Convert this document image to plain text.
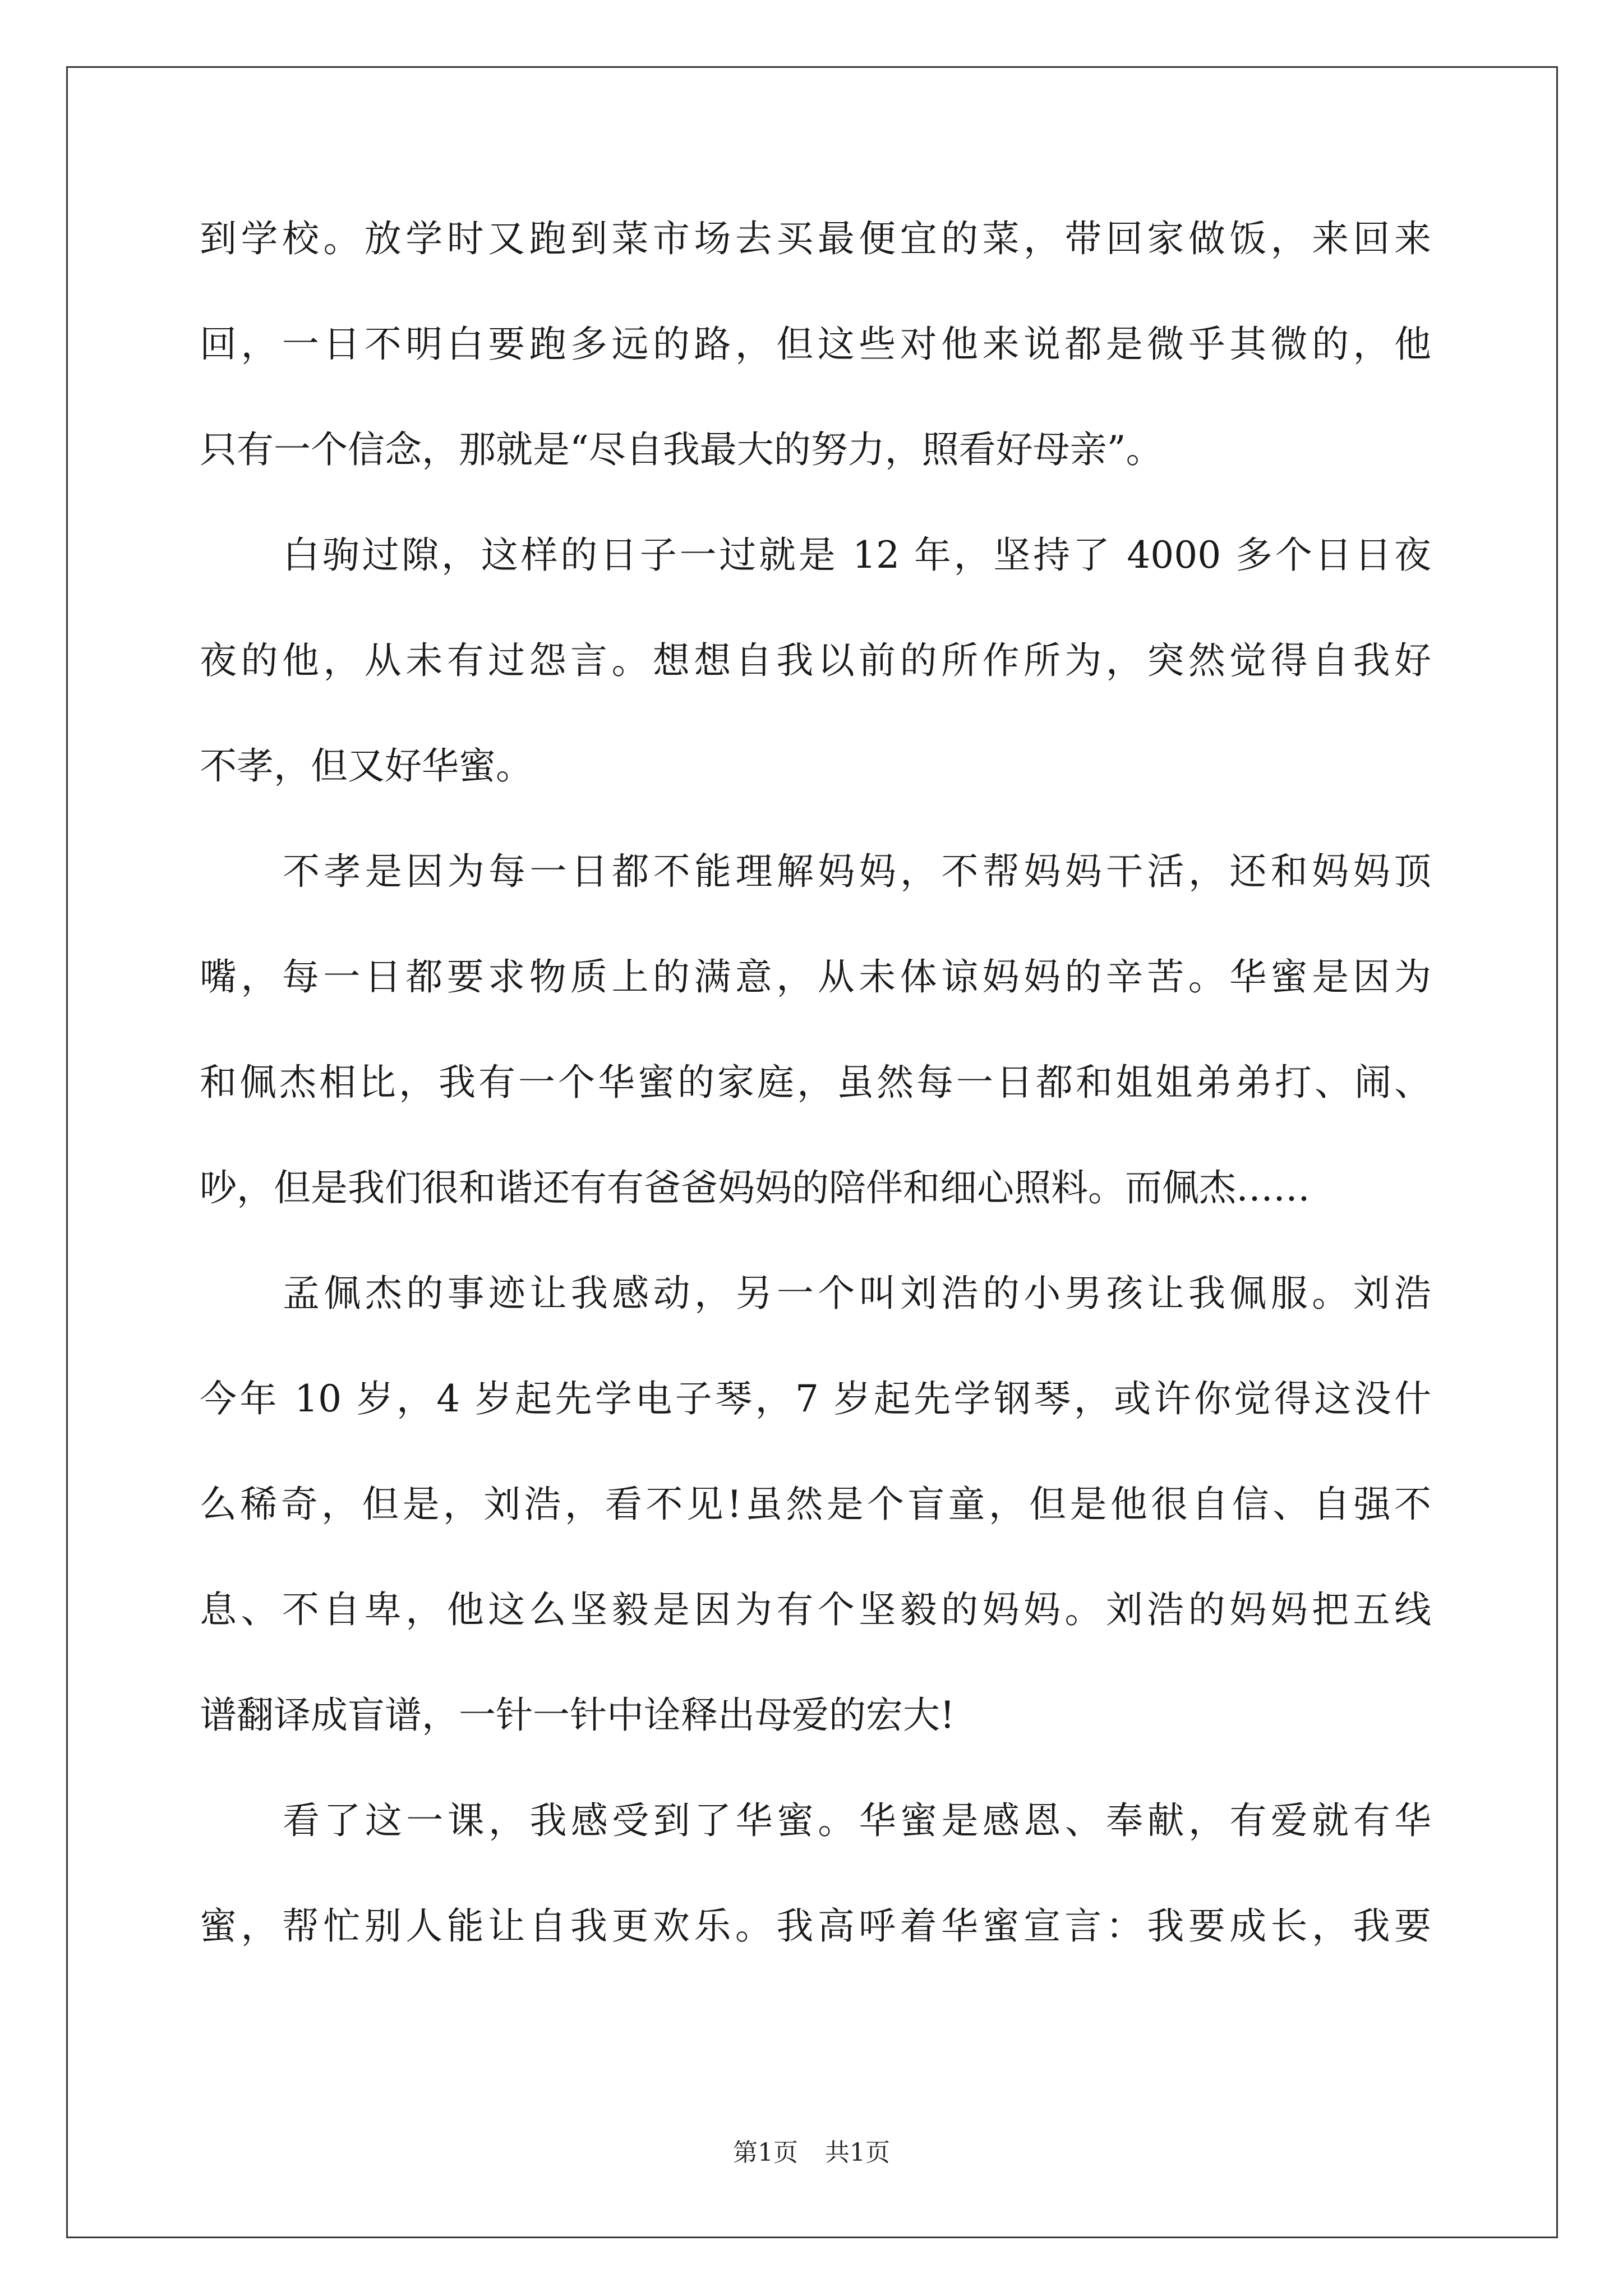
到学校。放学时又跑到菜市场去买最便宜的菜，带回家做饭，来回来
回，一日不明白要跑多远的路，但这些对他来说都是微乎其微的，他
只有一个信念，那就是“尽自我最大的努力，照看好母亲”。
白驹过隙，这样的日子一过就是 12 年，坚持了 4000 多个日日夜
夜的他，从未有过怨言。想想自我以前的所作所为，突然觉得自我好
不孝，但又好华蜜。
不孝是因为每一日都不能理解妈妈，不帮妈妈干活，还和妈妈顶
嘴，每一日都要求物质上的满意，从未体谅妈妈的辛苦。华蜜是因为
和佩杰相比，我有一个华蜜的家庭，虽然每一日都和姐姐弟弟打、闹、
吵，但是我们很和谐还有有爸爸妈妈的陪伴和细心照料。而佩杰……
孟佩杰的事迹让我感动，另一个叫刘浩的小男孩让我佩服。刘浩
今年 10 岁，4 岁起先学电子琴，7 岁起先学钢琴，或许你觉得这没什
么稀奇，但是，刘浩，看不见!虽然是个盲童，但是他很自信、自强不
息、不自卑，他这么坚毅是因为有个坚毅的妈妈。刘浩的妈妈把五线
谱翻译成盲谱，一针一针中诠释出母爱的宏大!
看了这一课，我感受到了华蜜。华蜜是感恩、奉献，有爱就有华
蜜，帮忙别人能让自我更欢乐。我高呼着华蜜宣言：我要成长，我要
第1页 共1页
